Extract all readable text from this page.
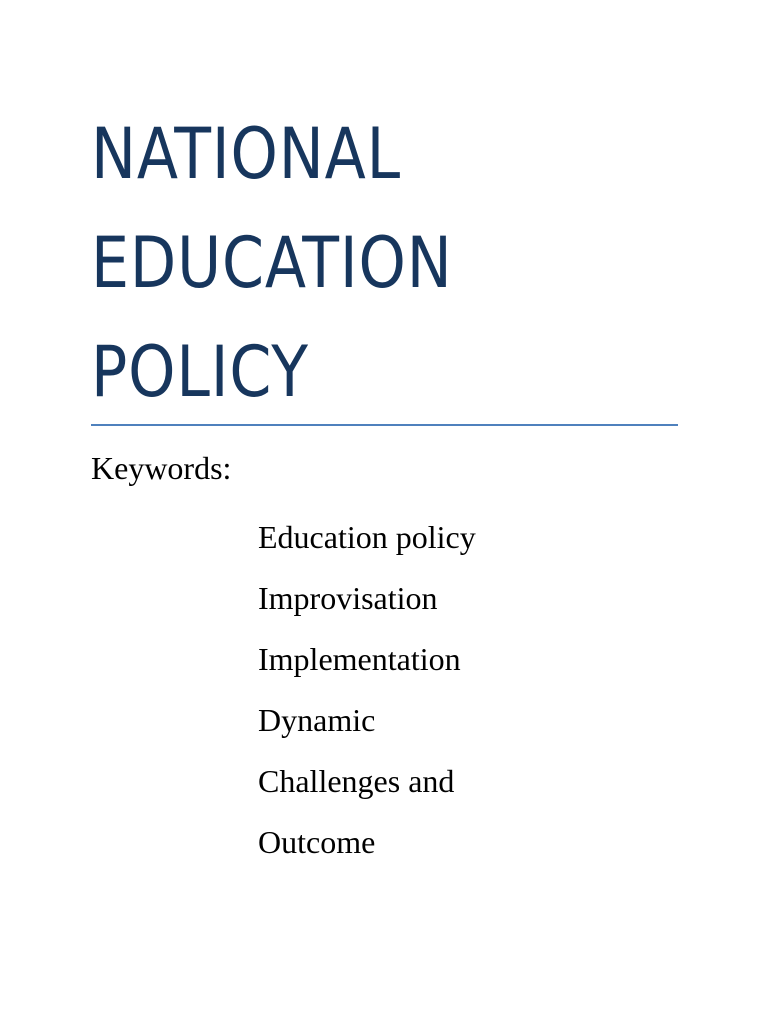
NATIONAL
EDUCATION
POLICY

Keywords:

Education policy
Improvisation
Implementation
Dynamic
Challenges and
Outcome
